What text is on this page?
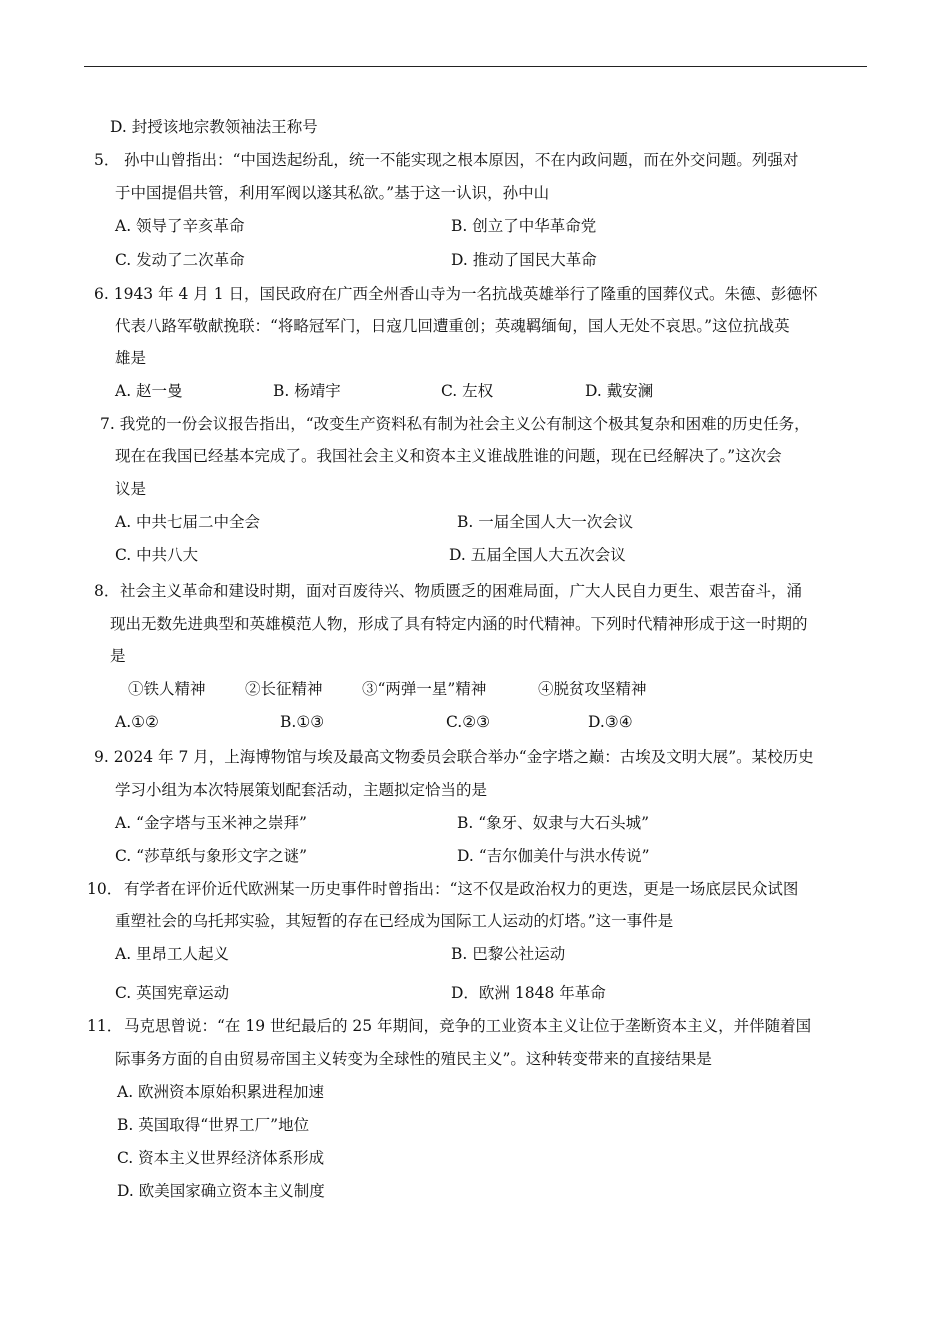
D. 封授该地宗教领袖法王称号
5． 孙中山曾指出：“中国迭起纷乱，统一不能实现之根本原因，不在内政问题，而在外交问题。列强对
于中国提倡共管，利用军阀以遂其私欲。”基于这一认识，孙中山
A. 领导了辛亥革命	B. 创立了中华革命党
C. 发动了二次革命	D. 推动了国民大革命
6. 1943 年 4 月 1 日，国民政府在广西全州香山寺为一名抗战英雄举行了隆重的国葬仪式。朱德、彭德怀
代表八路军敬献挽联：“将略冠军门，日寇几回遭重创；英魂羁缅甸，国人无处不哀思。”这位抗战英
雄是
A. 赵一曼	B. 杨靖宇	C. 左权	D. 戴安澜
7. 我党的一份会议报告指出，“改变生产资料私有制为社会主义公有制这个极其复杂和困难的历史任务，
现在在我国已经基本完成了。我国社会主义和资本主义谁战胜谁的问题，现在已经解决了。”这次会
议是
A. 中共七届二中全会	B. 一届全国人大一次会议
C. 中共八大	D. 五届全国人大五次会议
8． 社会主义革命和建设时期，面对百废待兴、物质匮乏的困难局面，广大人民自力更生、艰苦奋斗，涌
现出无数先进典型和英雄模范人物，形成了具有特定内涵的时代精神。下列时代精神形成于这一时期的
是
①铁人精神	②长征精神	③“两弹一星”精神	④脱贫攻坚精神
A.①②	B.①③	C.②③	D.③④
9. 2024 年 7 月，上海博物馆与埃及最高文物委员会联合举办“金字塔之巅：古埃及文明大展”。某校历史
学习小组为本次特展策划配套活动，主题拟定恰当的是
A. “金字塔与玉米神之崇拜”	B. “象牙、奴隶与大石头城”
C. “莎草纸与象形文字之谜”	D. “吉尔伽美什与洪水传说”
10． 有学者在评价近代欧洲某一历史事件时曾指出：“这不仅是政治权力的更迭，更是一场底层民众试图
重塑社会的乌托邦实验，其短暂的存在已经成为国际工人运动的灯塔。”这一事件是
A. 里昂工人起义	B. 巴黎公社运动
C. 英国宪章运动	D．欧洲 1848 年革命
11． 马克思曾说：“在 19 世纪最后的 25 年期间，竞争的工业资本主义让位于垄断资本主义，并伴随着国
际事务方面的自由贸易帝国主义转变为全球性的殖民主义”。这种转变带来的直接结果是
A. 欧洲资本原始积累进程加速
B. 英国取得“世界工厂”地位
C. 资本主义世界经济体系形成
D. 欧美国家确立资本主义制度
